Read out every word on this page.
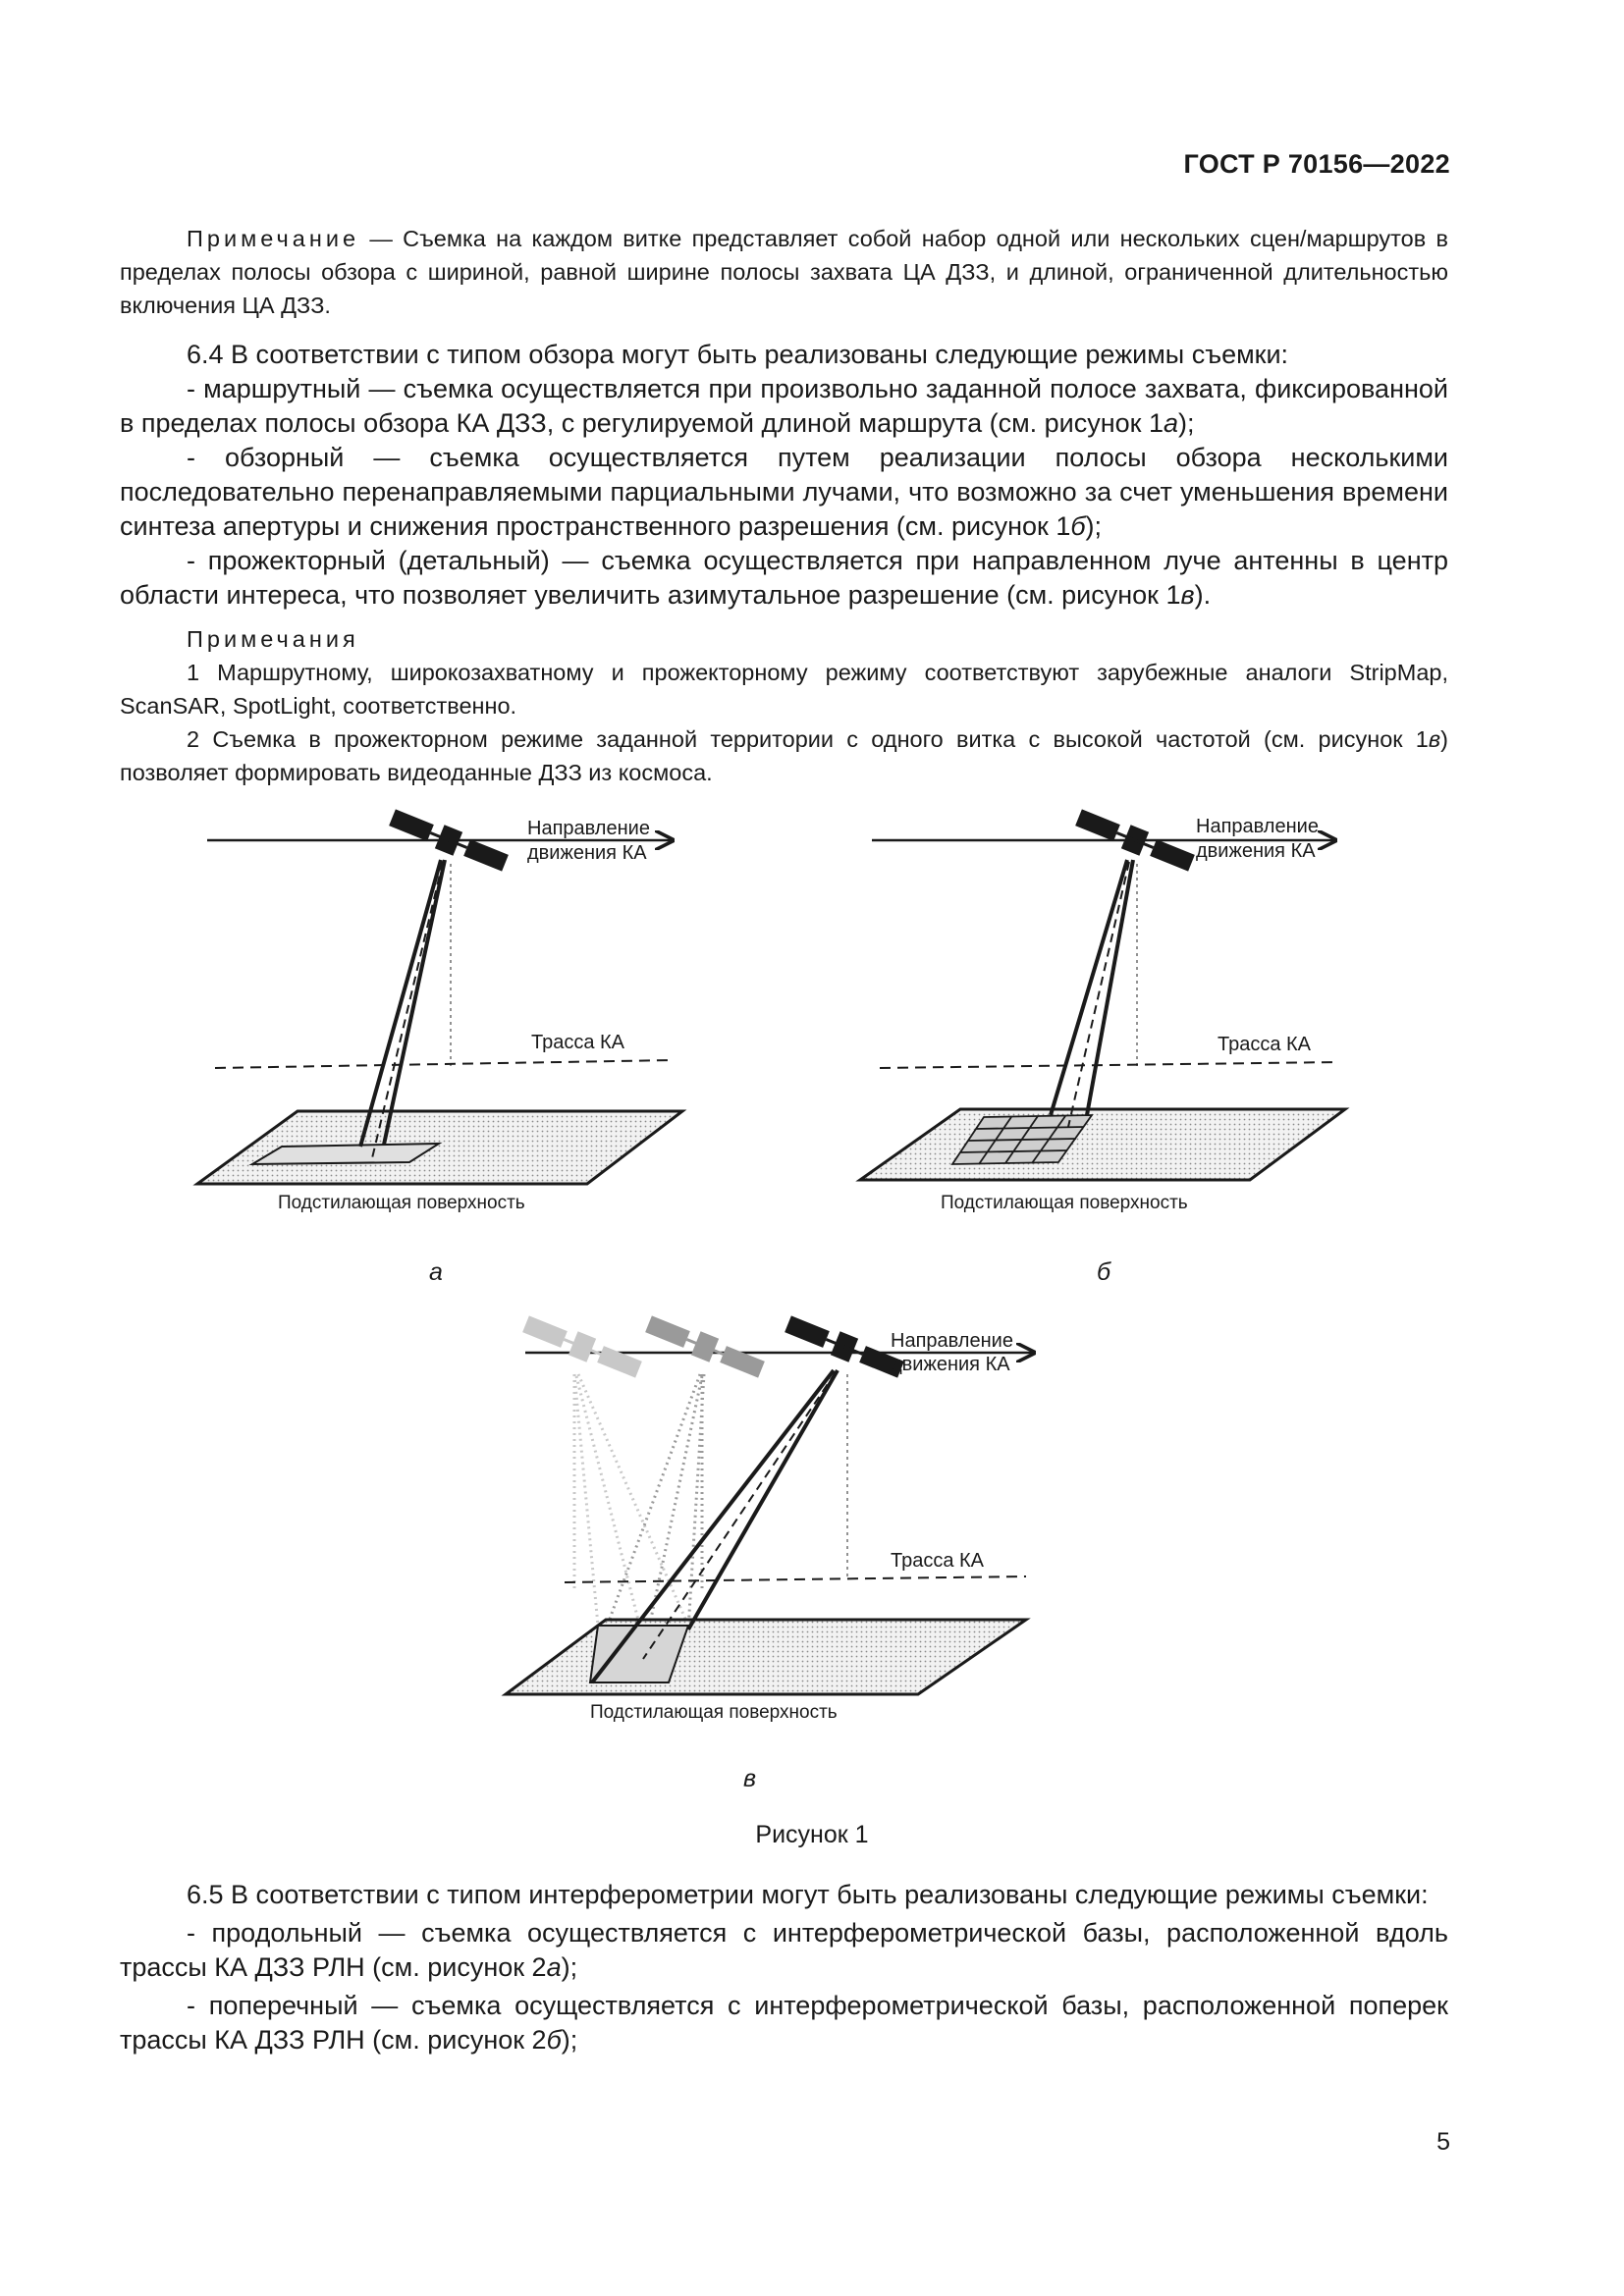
ГОСТ Р 70156—2022

Примечание — Съемка на каждом витке представляет собой набор одной или нескольких сцен/маршрутов в пределах полосы обзора с шириной, равной ширине полосы захвата ЦА ДЗЗ, и длиной, ограниченной длительностью включения ЦА ДЗЗ.

6.4 В соответствии с типом обзора могут быть реализованы следующие режимы съемки:

- маршрутный — съемка осуществляется при произвольно заданной полосе захвата, фиксированной в пределах полосы обзора КА ДЗЗ, с регулируемой длиной маршрута (см. рисунок 1а);

- обзорный — съемка осуществляется путем реализации полосы обзора несколькими последовательно перенаправляемыми парциальными лучами, что возможно за счет уменьшения времени синтеза апертуры и снижения пространственного разрешения (см. рисунок 1б);

- прожекторный (детальный) — съемка осуществляется при направленном луче антенны в центр области интереса, что позволяет увеличить азимутальное разрешение (см. рисунок 1в).

Примечания

1 Маршрутному, широкозахватному и прожекторному режиму соответствуют зарубежные аналоги StripMap, ScanSAR, SpotLight, соответственно.

2 Съемка в прожекторном режиме заданной территории с одного витка с высокой частотой (см. рисунок 1в) позволяет формировать видеоданные ДЗЗ из космоса.

Направление
движения КА
Трасса КА
Подстилающая поверхность
а
Направление
движения КА
Трасса КА
Подстилающая поверхность
б
Направление
движения КА
Трасса КА
Подстилающая поверхность
в
Рисунок 1

6.5 В соответствии с типом интерферометрии могут быть реализованы следующие режимы съемки:

- продольный — съемка осуществляется с интерферометрической базы, расположенной вдоль трассы КА ДЗЗ РЛН (см. рисунок 2а);

- поперечный — съемка осуществляется с интерферометрической базы, расположенной поперек трассы КА ДЗЗ РЛН (см. рисунок 2б);

5
